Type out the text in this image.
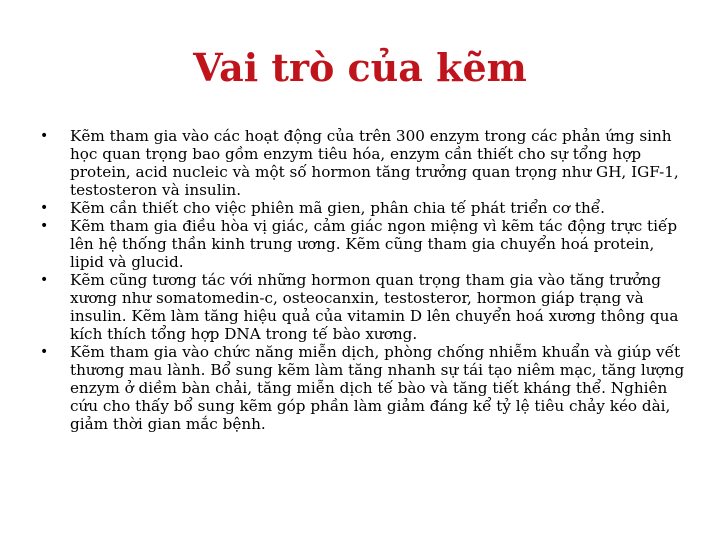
Vai trò của kẽm
•	Kẽm tham gia vào các hoạt động của trên 300 enzym trong các phản ứng sinh học quan trọng bao gồm enzym tiêu hóa, enzym cần thiết cho sự tổng hợp protein, acid nucleic và một số hormon tăng trưởng quan trọng như GH, IGF-1, testosteron và insulin.
•	Kẽm cần thiết cho việc phiên mã gien, phân chia tế phát triển cơ thể.
•	Kẽm tham gia điều hòa vị giác, cảm giác ngon miệng vì kẽm tác động trực tiếp lên hệ thống thần kinh trung ương. Kẽm cũng tham gia chuyển hoá protein, lipid và glucid.
•	Kẽm cũng tương tác với những hormon quan trọng tham gia vào tăng trưởng xương như somatomedin-c, osteocanxin, testosteror, hormon giáp trạng và insulin. Kẽm làm tăng hiệu quả của vitamin D lên chuyển hoá xương thông qua kích thích tổng hợp DNA trong tế bào xương.
•	Kẽm tham gia vào chức năng miễn dịch, phòng chống nhiễm khuẩn và giúp vết thương mau lành. Bổ sung kẽm làm tăng nhanh sự tái tạo niêm mạc, tăng lượng enzym ở diềm bàn chải, tăng miễn dịch tế bào và tăng tiết kháng thể. Nghiên cứu cho thấy bổ sung kẽm góp phần làm giảm đáng kể tỷ lệ tiêu chảy kéo dài, giảm thời gian mắc bệnh.
